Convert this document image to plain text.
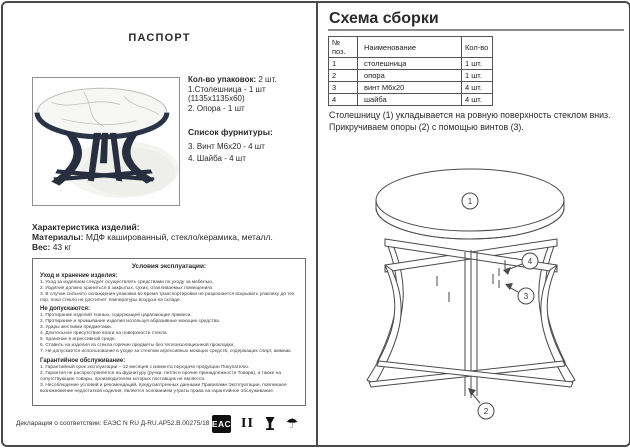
ПАСПОРТ
Кол-во упаковок: 2 шт.
1.Столешница - 1 шт
(1135х1135х60)
2. Опора - 1 шт
Список фурнитуры:
3. Винт М6х20 - 4 шт
4. Шайба - 4 шт
Характеристика изделий:
Материалы: МДФ кашированный, стекло/керамика, металл.
Вес: 43 кг
Условия эксплуатации:
Уход и хранение изделия:
1. Уход за изделием следует осуществлять средствами по уходу за мебелью.
2. Изделие должно храниться в закрытых, сухих, отапливаемых помещениях.
3. В случае сильного охлаждения упаковки во время транспортировки не разрешается вскрывать упаковку до тех пор, пока стекло не достигнет температуры воздуха на складе.
Не допускаются:
1. Протирание изделий тканью, содержащей царапающие примеси.
2. Протирание и промывание изделия используя абразивные моющие средства.
3. Удары жесткими предметами.
4. Длительное присутствие влаги на поверхности стекла.
5. Хранение в агрессивной среде.
6. Ставить на изделия из стекла горячие предметы без теплоизоляционной прокладки,
7. Не допускается использование в уходе за стеклом агрессивных моющих средств, содержащих спирт, аммиак.
Гарантийное обслуживание:
1. Гарантийный срок эксплуатации – 12 месяцев с момента передачи продукции Покупателю.
2. Гарантия не распространяется на фурнитуру (ручки, петли и прочие принадлежности Товара), а также на сопутствующие товары, производителем которых поставщик не является.
3. Несоблюдение условий и рекомендаций, предусмотренных данными Правилами Эксплуатации, повлекшее возникновение недостатков изделия, является основанием утраты права на гарантийное обслуживание.
Декларация о соответствии: ЕАЭС N RU Д-RU.АР52.В.00275/18 ЕАС II ☂
Схема сборки
№ поз.	Наименование	Кол-во
1	столешница	1 шт.
2	опора	1 шт.
3	винт М6х20	4 шт.
4	шайба	4 шт.
Столешницу (1) укладывается на ровную поверхность стеклом вниз.
Прикручиваем опоры (2) с помощью винтов (3).
1
4
3
2
